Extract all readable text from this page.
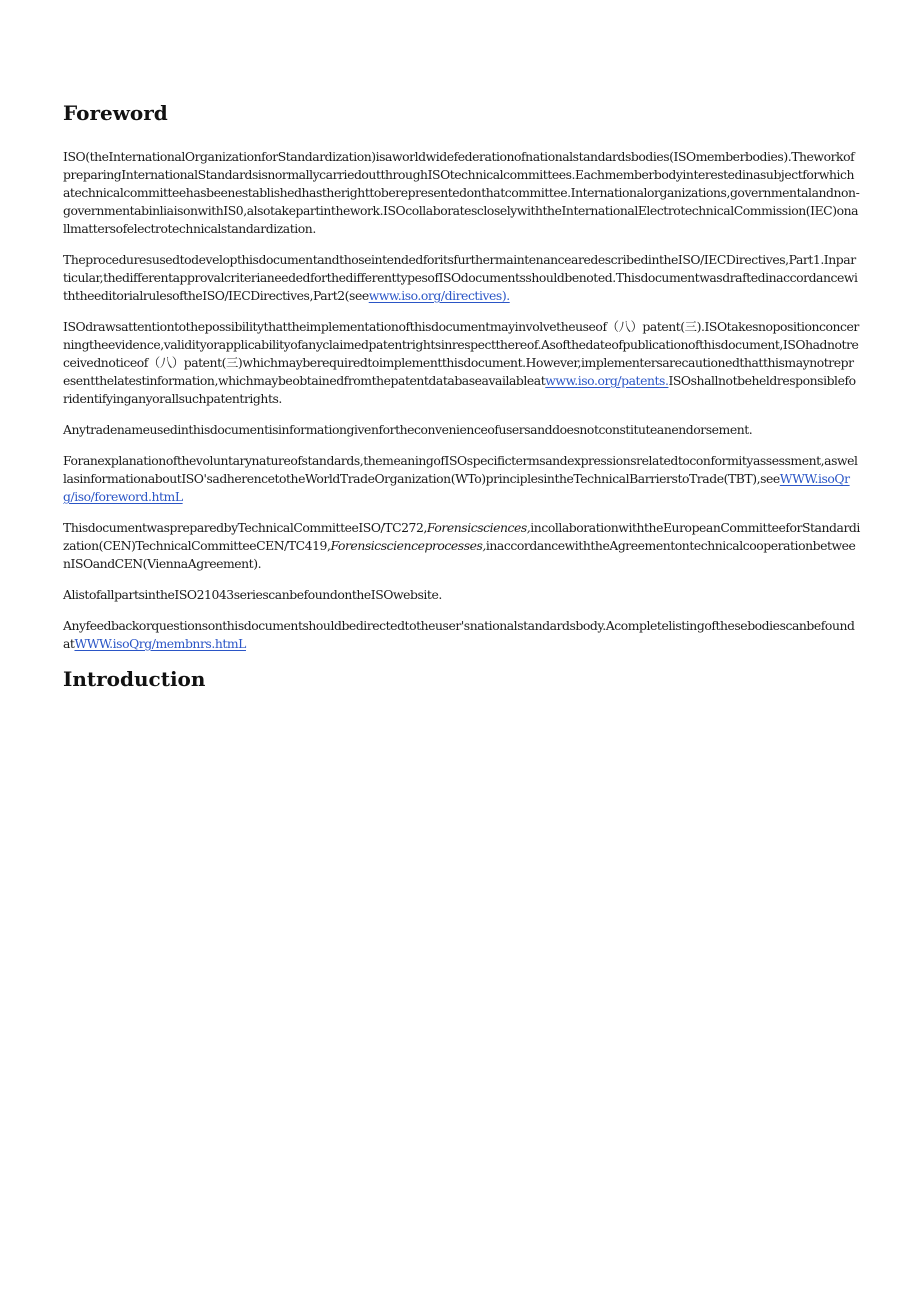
Foreword

ISO(theInternationalOrganizationforStandardization)isaworldwidefederationofnationalstandardsbodies(ISOmemberbodies).TheworkofpreparingInternationalStandardsisnormallycarriedoutthroughISOtechnicalcommittees.Eachmemberbodyinterestedinasubjectforwhichatechnicalcommitteehasbeenestablishedhastherighttoberepresentedonthatcommittee.Internationalorganizations,governmentalandnon-governmentabinliaisonwithIS0,alsotakepartinthework.ISOcollaboratescloselywiththeInternationalElectrotechnicalCommission(IEC)onallmattersofelectrotechnicalstandardization.

TheproceduresusedtodevelopthisdocumentandthoseintendedforitsfurthermaintenancearedescribedintheISO/IECDirectives,Part1.Inparticular,thedifferentapprovalcriterianeededforthedifferenttypesofISOdocumentsshouldbenoted.ThisdocumentwasdraftedinaccordancewiththeeditorialrulesoftheISO/IECDirectives,Part2(seewww.iso.org/directives).

ISOdrawsattentiontothepossibilitythattheimplementationofthisdocumentmayinvolvetheuseof（八）patent(三).ISOtakesnopositionconcerningtheevidence,validityorapplicabilityofanyclaimedpatentrightsinrespectthereof.Asofthedateofpublicationofthisdocument,ISOhadnotreceivednoticeof（八）patent(三)whichmayberequiredtoimplementthisdocument.However,implementersarecautionedthatthismaynotrepresentthelatestinformation,whichmaybeobtainedfromthepatentdatabaseavailableatwww.iso.org/patents.ISOshallnotbeheldresponsibleforidentifyinganyorallsuchpatentrights.

Anytradenameusedinthisdocumentisinformationgivenfortheconvenienceofusersanddoesnotconstituteanendorsement.

Foranexplanationofthevoluntarynatureofstandards,themeaningofISOspecifictermsandexpressionsrelatedtoconformityassessment,aswellasinformationaboutISO'sadherencetotheWorldTradeOrganization(WTo)principlesintheTechnicalBarrierstoTrade(TBT),seeWWW.isoQrg/iso/foreword.htmL

ThisdocumentwaspreparedbyTechnicalCommitteeISO/TC272,Forensicsciences,incollaborationwiththeEuropeanCommitteeforStandardization(CEN)TechnicalCommitteeCEN/TC419,Forensicscienceprocesses,inaccordancewiththeAgreementontechnicalcooperationbetweenISOandCEN(ViennaAgreement).

AlistofallpartsintheISO21043seriescanbefoundontheISOwebsite.

Anyfeedbackorquestionsonthisdocumentshouldbedirectedtotheuser'snationalstandardsbody.AcompletelistingofthesebodiescanbefoundatWWW.isoQrg/membnrs.htmL

Introduction
